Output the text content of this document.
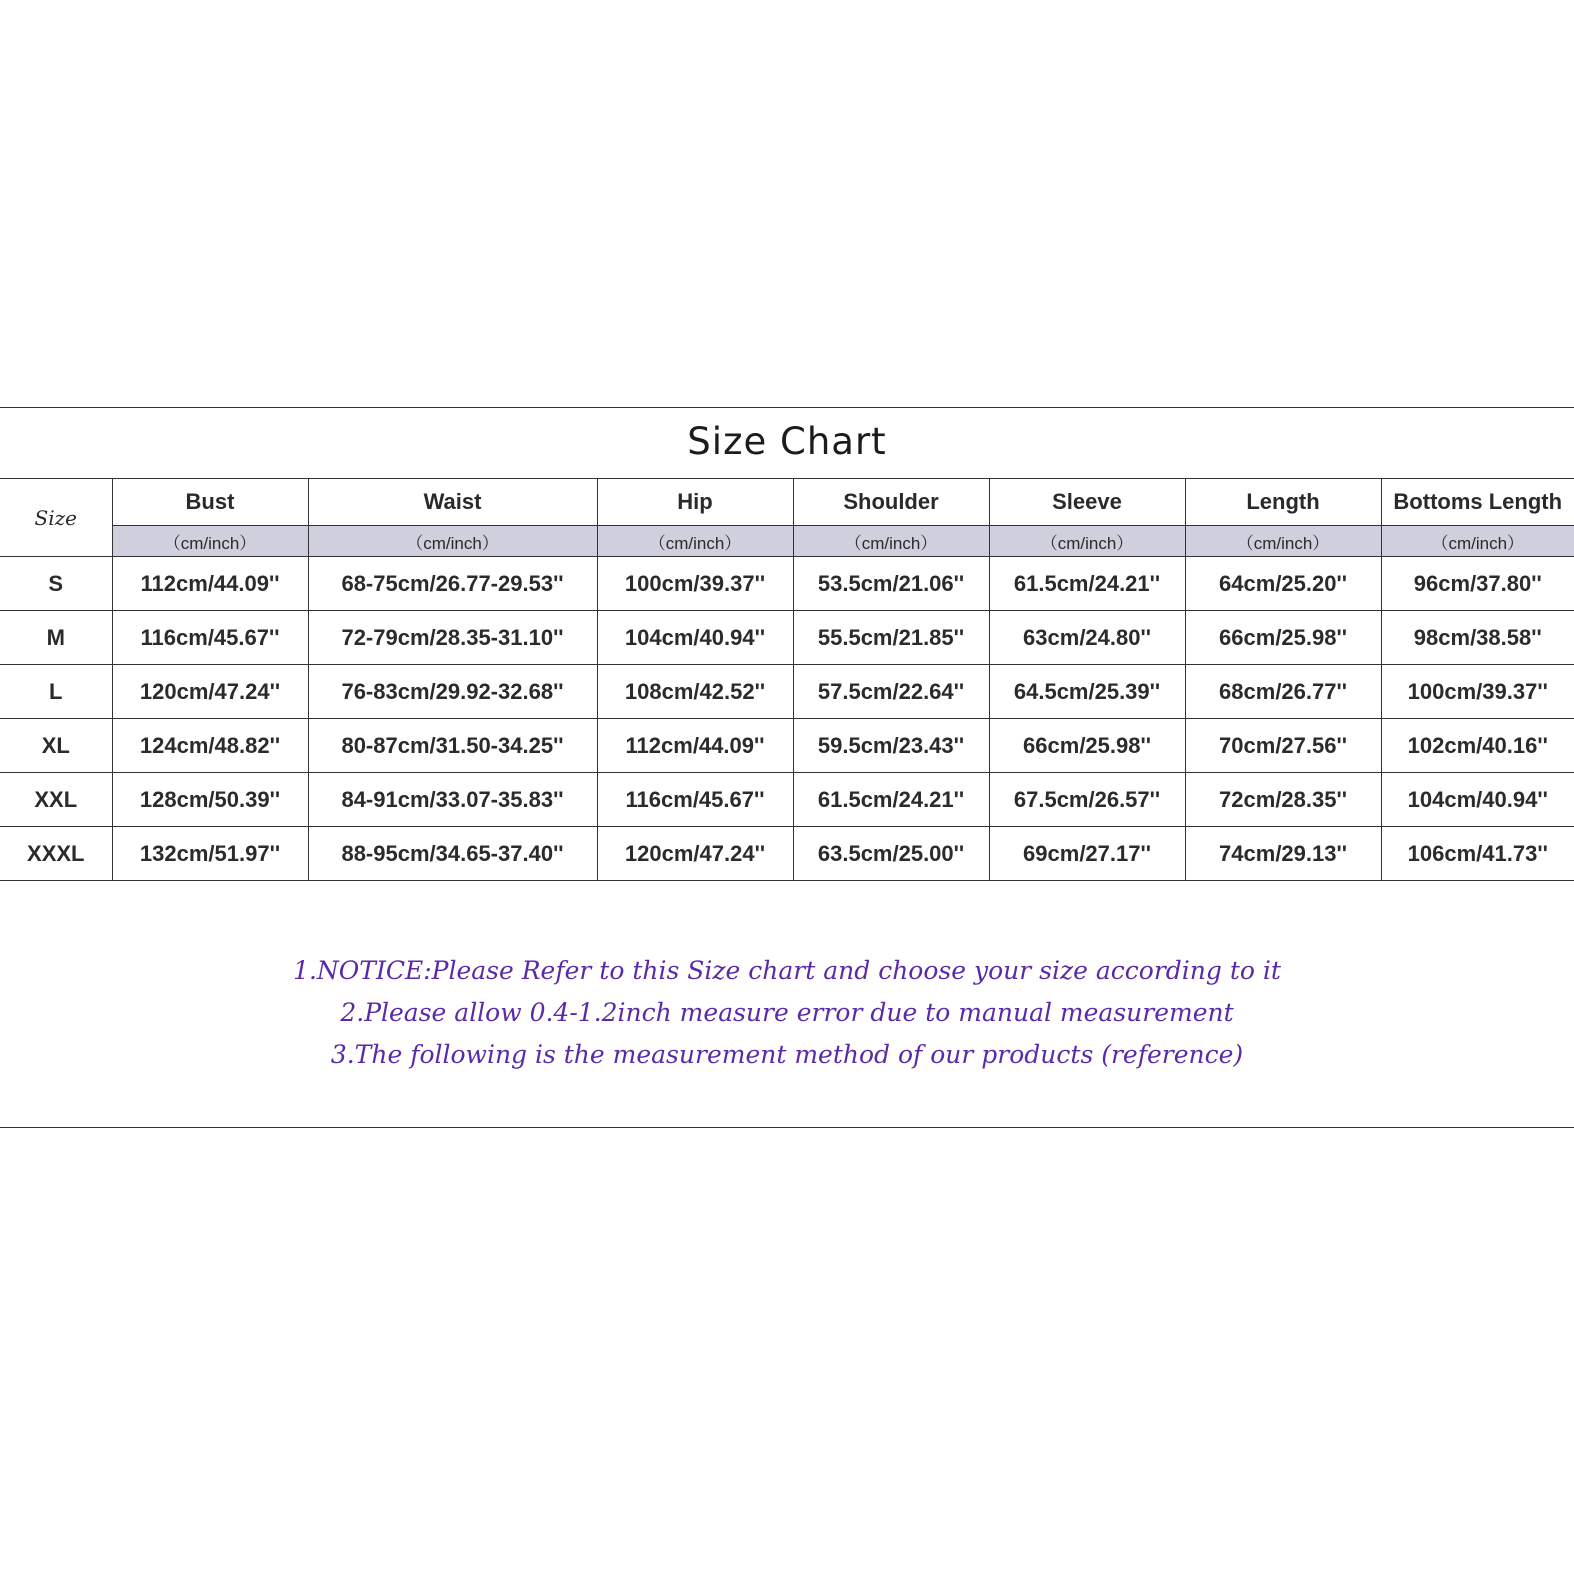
Size Chart
Size	Bust	Waist	Hip	Shoulder	Sleeve	Length	Bottoms Length
	（cm/inch）	（cm/inch）	（cm/inch）	（cm/inch）	（cm/inch）	（cm/inch）	（cm/inch）
S	112cm/44.09''	68-75cm/26.77-29.53''	100cm/39.37''	53.5cm/21.06''	61.5cm/24.21''	64cm/25.20''	96cm/37.80''
M	116cm/45.67''	72-79cm/28.35-31.10''	104cm/40.94''	55.5cm/21.85''	63cm/24.80''	66cm/25.98''	98cm/38.58''
L	120cm/47.24''	76-83cm/29.92-32.68''	108cm/42.52''	57.5cm/22.64''	64.5cm/25.39''	68cm/26.77''	100cm/39.37''
XL	124cm/48.82''	80-87cm/31.50-34.25''	112cm/44.09''	59.5cm/23.43''	66cm/25.98''	70cm/27.56''	102cm/40.16''
XXL	128cm/50.39''	84-91cm/33.07-35.83''	116cm/45.67''	61.5cm/24.21''	67.5cm/26.57''	72cm/28.35''	104cm/40.94''
XXXL	132cm/51.97''	88-95cm/34.65-37.40''	120cm/47.24''	63.5cm/25.00''	69cm/27.17''	74cm/29.13''	106cm/41.73''
1.NOTICE:Please Refer to this Size chart and choose your size according to it
2.Please allow 0.4-1.2inch measure error due to manual measurement
3.The following is the measurement method of our products (reference)
